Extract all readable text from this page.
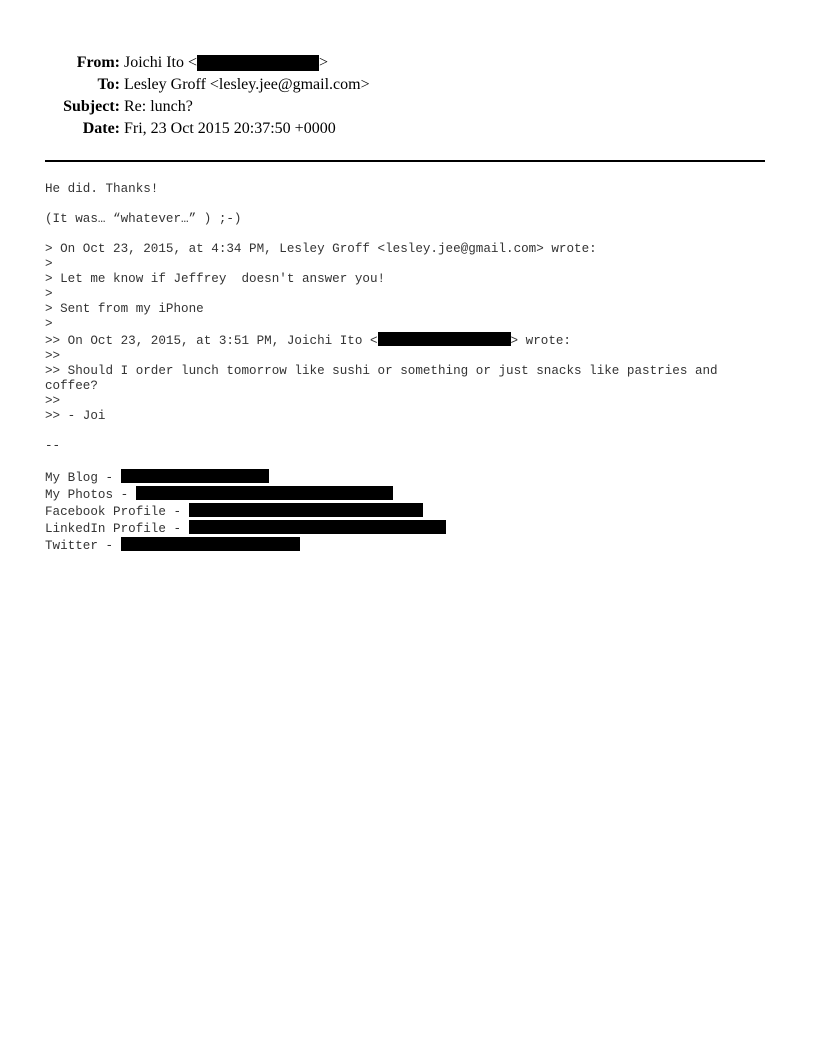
From: Joichi Ito <	>
To: Lesley Groff <lesley.jee@gmail.com>
Subject: Re: lunch?
Date: Fri, 23 Oct 2015 20:37:50 +0000
He did. Thanks!
(It was… “whatever…” ) ;-)
> On Oct 23, 2015, at 4:34 PM, Lesley Groff <lesley.jee@gmail.com> wrote:
>
> Let me know if Jeffrey  doesn't answer you!
>
> Sent from my iPhone
>
>> On Oct 23, 2015, at 3:51 PM, Joichi Ito <	> wrote:
>>
>> Should I order lunch tomorrow like sushi or something or just snacks like pastries and coffee?
>>
>> - Joi
--
My Blog -
My Photos -
Facebook Profile -
LinkedIn Profile -
Twitter -
